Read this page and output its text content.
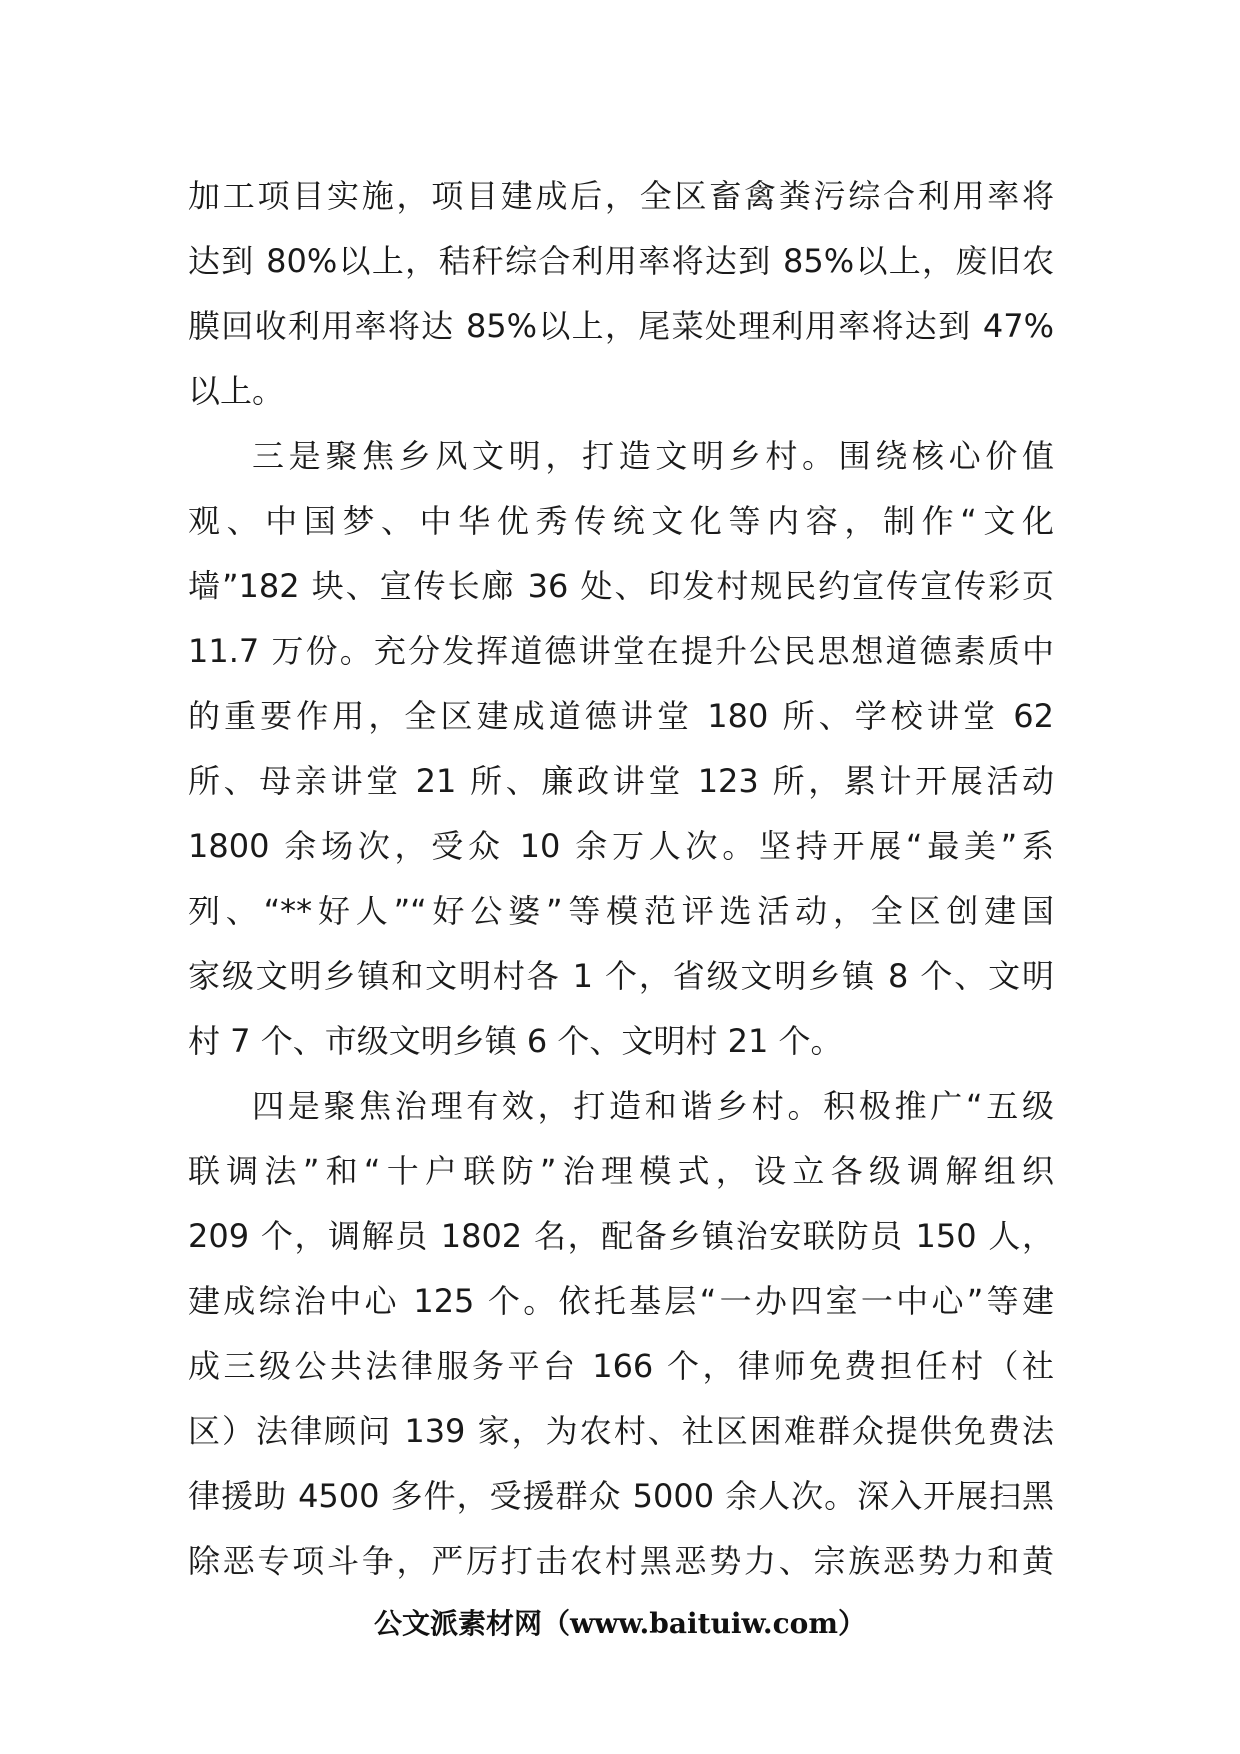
加工项目实施，项目建成后，全区畜禽粪污综合利用率将
达到 80%以上，秸秆综合利用率将达到 85%以上，废旧农
膜回收利用率将达 85%以上，尾菜处理利用率将达到 47%
以上。
三是聚焦乡风文明，打造文明乡村。围绕核心价值
观、中国梦、中华优秀传统文化等内容，制作“文化
墙”182 块、宣传长廊 36 处、印发村规民约宣传宣传彩页
11.7 万份。充分发挥道德讲堂在提升公民思想道德素质中
的重要作用，全区建成道德讲堂 180 所、学校讲堂 62
所、母亲讲堂 21 所、廉政讲堂 123 所，累计开展活动
1800 余场次，受众 10 余万人次。坚持开展“最美”系
列、“**好人”“好公婆”等模范评选活动，全区创建国
家级文明乡镇和文明村各 1 个，省级文明乡镇 8 个、文明
村 7 个、市级文明乡镇 6 个、文明村 21 个。
四是聚焦治理有效，打造和谐乡村。积极推广“五级
联调法”和“十户联防”治理模式，设立各级调解组织
209 个，调解员 1802 名，配备乡镇治安联防员 150 人，
建成综治中心 125 个。依托基层“一办四室一中心”等建
成三级公共法律服务平台 166 个，律师免费担任村（社
区）法律顾问 139 家，为农村、社区困难群众提供免费法
律援助 4500 多件，受援群众 5000 余人次。深入开展扫黑
除恶专项斗争，严厉打击农村黑恶势力、宗族恶势力和黄
公文派素材网（www.baituiw.com）
